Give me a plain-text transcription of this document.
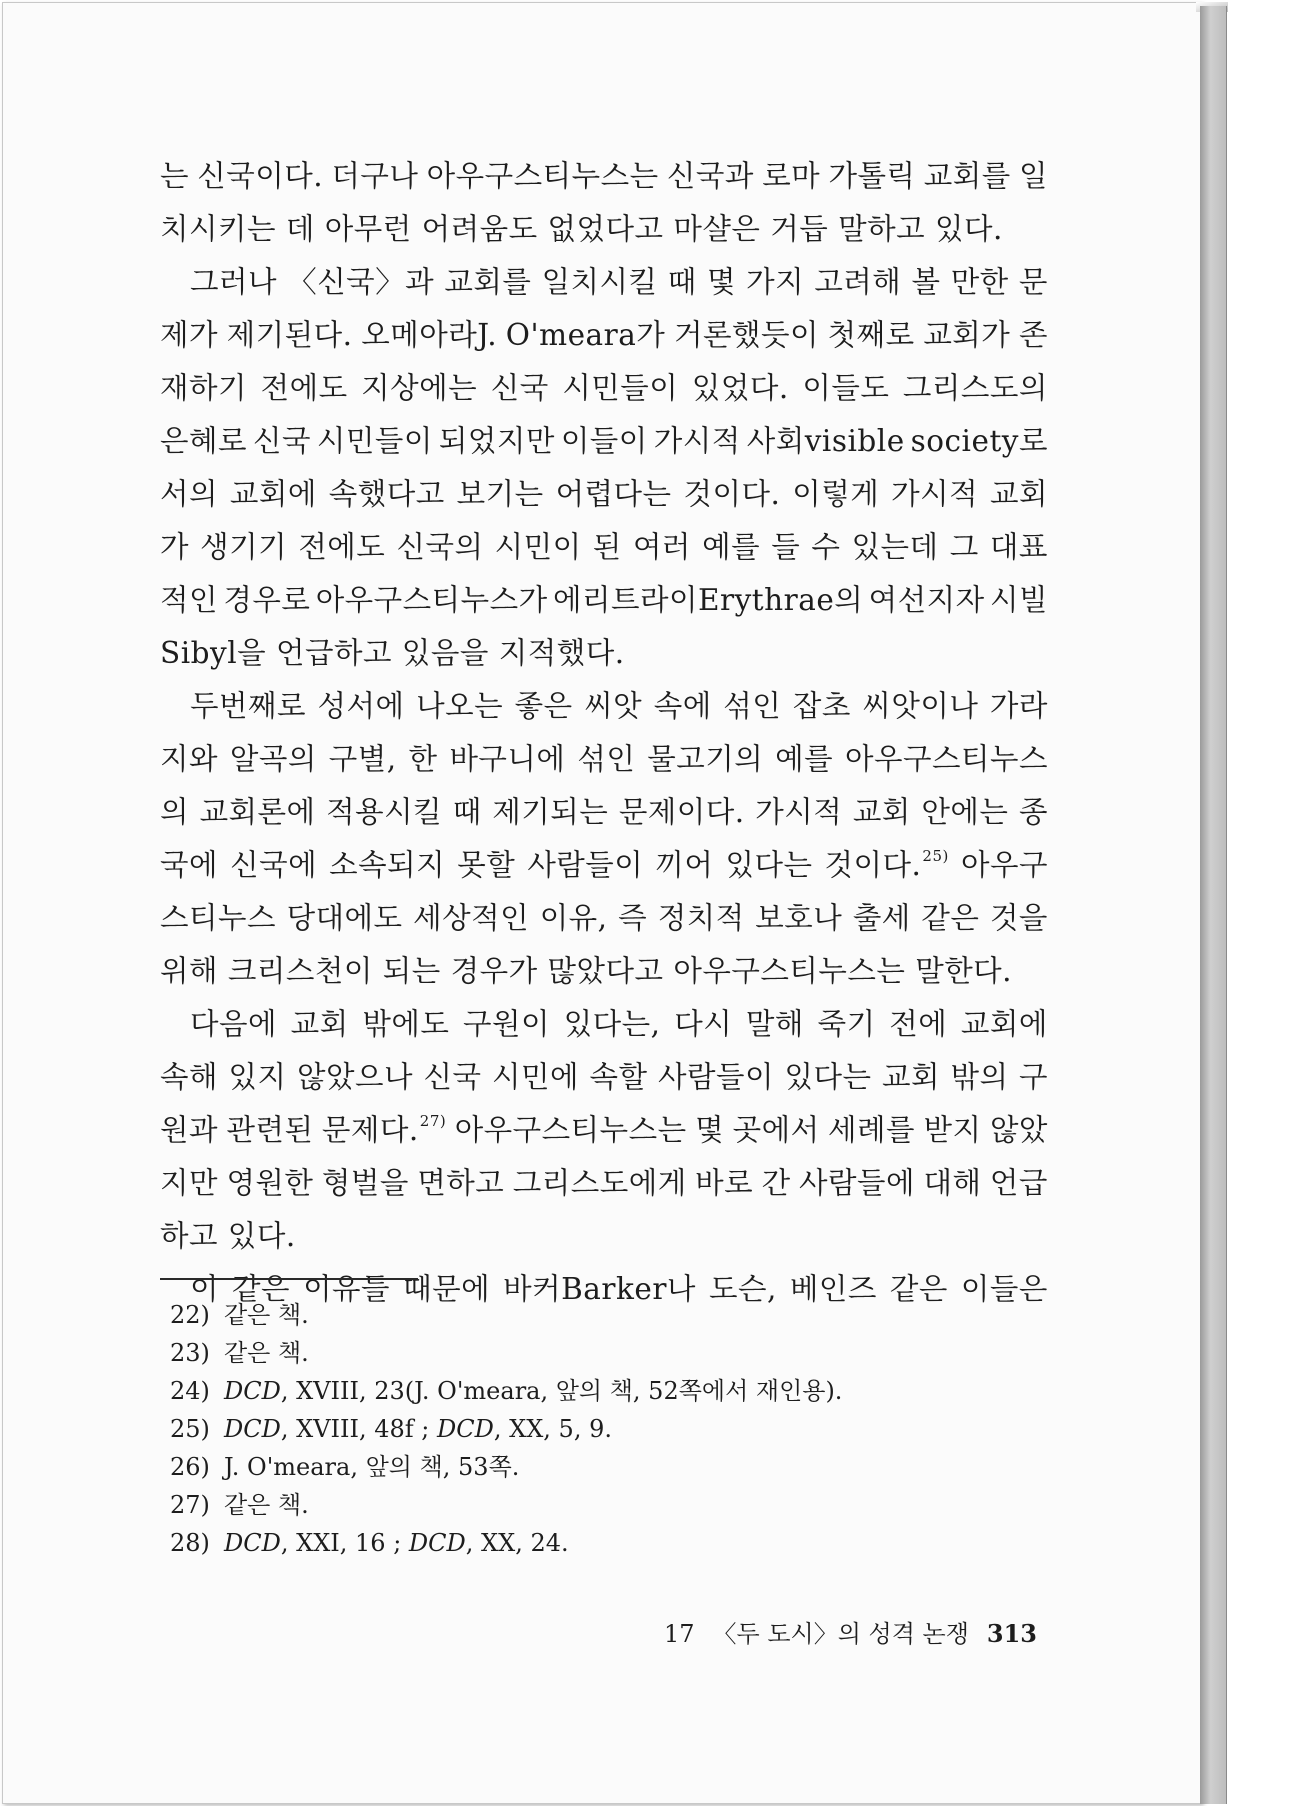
는 신국이다. 더구나 아우구스티누스는 신국과 로마 가톨릭 교회를 일
치시키는 데 아무런 어려움도 없었다고 마샬은 거듭 말하고 있다.
그러나 〈신국〉과 교회를 일치시킬 때 몇 가지 고려해 볼 만한 문
제가 제기된다. 오메아라J. O'meara가 거론했듯이 첫째로 교회가 존
재하기 전에도 지상에는 신국 시민들이 있었다. 이들도 그리스도의
은혜로 신국 시민들이 되었지만 이들이 가시적 사회visible society로
서의 교회에 속했다고 보기는 어렵다는 것이다. 이렇게 가시적 교회
가 생기기 전에도 신국의 시민이 된 여러 예를 들 수 있는데 그 대표
적인 경우로 아우구스티누스가 에리트라이Erythrae의 여선지자 시빌
Sibyl을 언급하고 있음을 지적했다.
두번째로 성서에 나오는 좋은 씨앗 속에 섞인 잡초 씨앗이나 가라
지와 알곡의 구별, 한 바구니에 섞인 물고기의 예를 아우구스티누스
의 교회론에 적용시킬 때 제기되는 문제이다. 가시적 교회 안에는 종
국에 신국에 소속되지 못할 사람들이 끼어 있다는 것이다.$^{25)}$ 아우구
스티누스 당대에도 세상적인 이유, 즉 정치적 보호나 출세 같은 것을
위해 크리스천이 되는 경우가 많았다고 아우구스티누스는 말한다.
다음에 교회 밖에도 구원이 있다는, 다시 말해 죽기 전에 교회에
속해 있지 않았으나 신국 시민에 속할 사람들이 있다는 교회 밖의 구
원과 관련된 문제다.$^{27)}$ 아우구스티누스는 몇 곳에서 세례를 받지 않았
지만 영원한 형벌을 면하고 그리스도에게 바로 간 사람들에 대해 언급
하고 있다.
이 같은 이유들 때문에 바커Barker나 도슨, 베인즈 같은 이들은
22) 같은 책.
23) 같은 책.
24) DCD, XVIII, 23(J. O'meara, 앞의 책, 52쪽에서 재인용).
25) DCD, XVIII, 48f ; DCD, XX, 5, 9.
26) J. O'meara, 앞의 책, 53쪽.
27) 같은 책.
28) DCD, XXI, 16 ; DCD, XX, 24.
17 〈두 도시〉의 성격 논쟁 313
